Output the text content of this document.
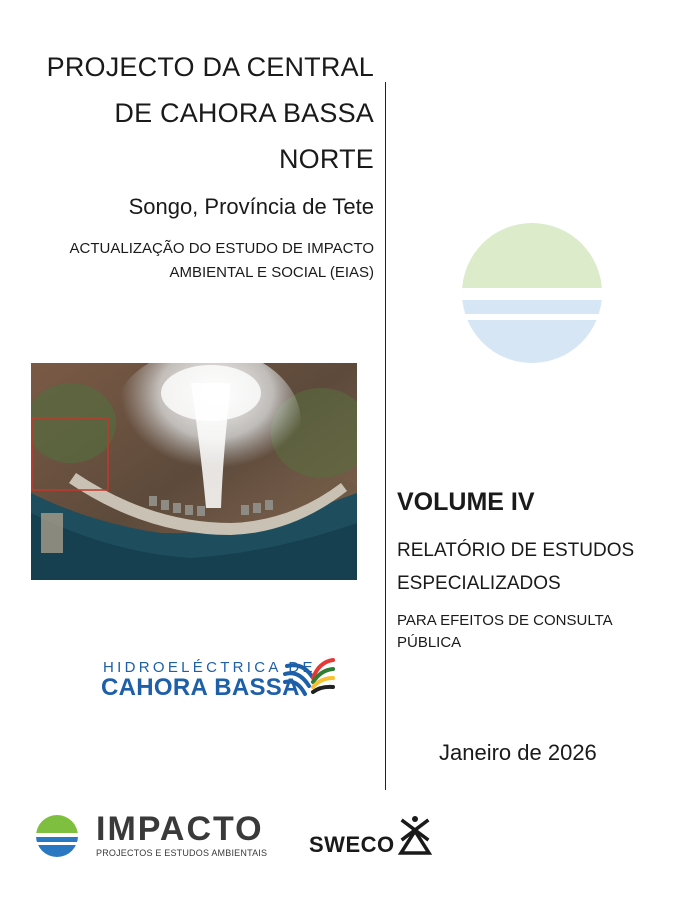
PROJECTO DA CENTRAL
DE CAHORA BASSA
NORTE
Songo, Província de Tete
ACTUALIZAÇÃO DO ESTUDO DE IMPACTO
AMBIENTAL E SOCIAL (EIAS)
VOLUME IV
RELATÓRIO DE ESTUDOS
ESPECIALIZADOS
PARA EFEITOS DE CONSULTA
PÚBLICA
Janeiro de 2026
HIDROELÉCTRICA DE
CAHORA BASSA
IMPACTO
PROJECTOS E ESTUDOS AMBIENTAIS SWECO
